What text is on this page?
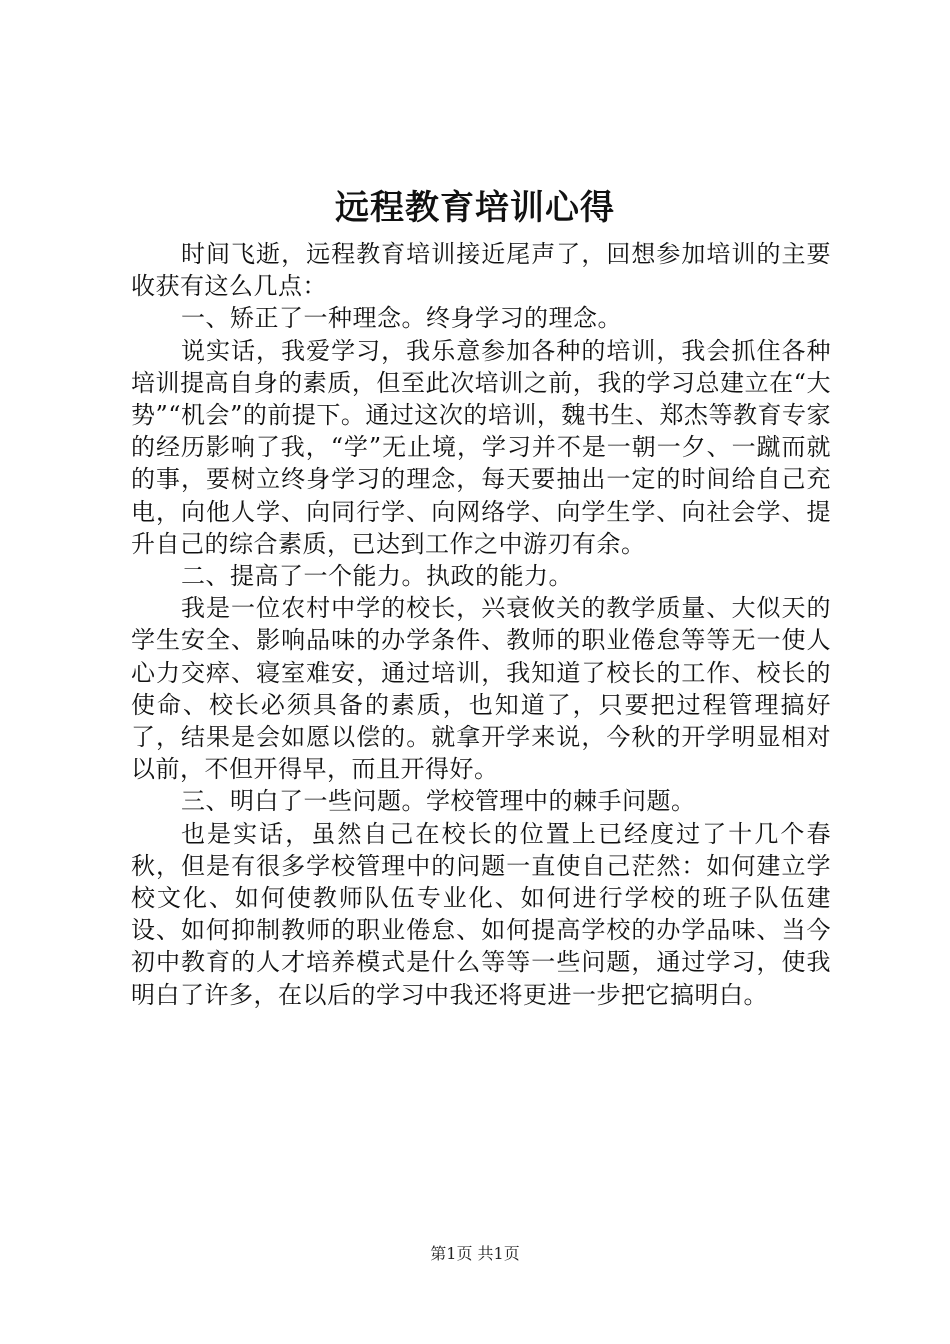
远程教育培训心得

时间飞逝，远程教育培训接近尾声了，回想参加培训的主要收获有这么几点：

一、矫正了一种理念。终身学习的理念。

说实话，我爱学习，我乐意参加各种的培训，我会抓住各种培训提高自身的素质，但至此次培训之前，我的学习总建立在“大势”“机会”的前提下。通过这次的培训，魏书生、郑杰等教育专家的经历影响了我，“学”无止境，学习并不是一朝一夕、一蹴而就的事，要树立终身学习的理念，每天要抽出一定的时间给自己充电，向他人学、向同行学、向网络学、向学生学、向社会学、提升自己的综合素质，已达到工作之中游刃有余。

二、提高了一个能力。执政的能力。

我是一位农村中学的校长，兴衰攸关的教学质量、大似天的学生安全、影响品味的办学条件、教师的职业倦怠等等无一使人心力交瘁、寝室难安，通过培训，我知道了校长的工作、校长的使命、校长必须具备的素质，也知道了，只要把过程管理搞好了，结果是会如愿以偿的。就拿开学来说，今秋的开学明显相对以前，不但开得早，而且开得好。

三、明白了一些问题。学校管理中的棘手问题。

也是实话，虽然自己在校长的位置上已经度过了十几个春秋，但是有很多学校管理中的问题一直使自己茫然：如何建立学校文化、如何使教师队伍专业化、如何进行学校的班子队伍建设、如何抑制教师的职业倦怠、如何提高学校的办学品味、当今初中教育的人才培养模式是什么等等一些问题，通过学习，使我明白了许多，在以后的学习中我还将更进一步把它搞明白。

第1页 共1页
